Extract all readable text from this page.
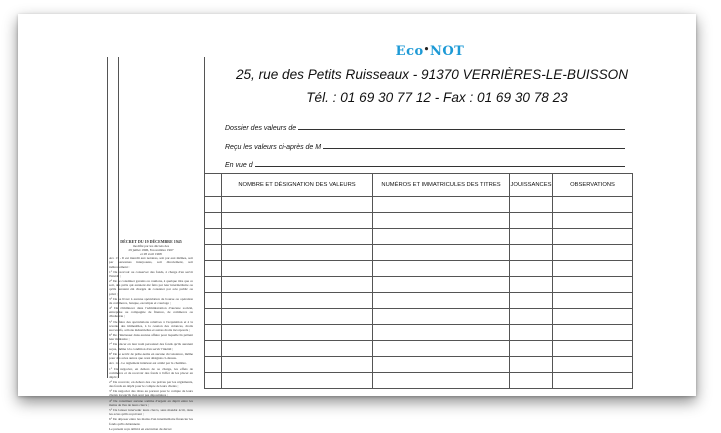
DÉCRET DU 19 DÉCEMBRE 1945
modifié par les décrets des
29 juillet 1996, 8 novembre 1967
et 28 avril 1968

Art. 13 - Il est interdit aux notaires, soit par eux mêmes, soit par personnes interposées, soit directement, soit indirectement :

1° De recevoir ou conserver des fonds, à charge d'en servir l'intérêt ;

2° De se constituer garants ou cautions, à quelque titre que ce soit, des prêts qui auraient été faits par leur intermédiaire ou qu'ils auraient été chargés de constater par acte public ou privé ;

3° De se livrer à aucune spéculation de bourse ou opération de commerce, banque, escompte et courtage ;

4° De s'immiscer dans l'administration d'aucune société, entreprise ou compagnie de finance, de commerce ou d'industrie ;

5° De faire des spéculations relatives à l'acquisition et à la revente des immeubles, à la cession des créances, droits successifs, actions industrielles et autres droits incorporels ;

6° De s'intéresser dans aucune affaire pour laquelle ils prêtent leur ministère ;

7° De placer en leur nom personnel des fonds qu'ils auraient reçus, même à la condition d'en servir l'intérêt ;

8° De se servir de prête-noms en aucune circonstance, même pour des actes autres que ceux désignés ci-dessus.

Art. 14 - Le règlement intérieur est arrêté par la chambre.

1° De négocier, en dehors de sa charge, les effets de commerce et de recevoir des fonds à l'effet de les placer en dépôt ;

2° De recevoir, en dehors des cas prévus par les règlements, des fonds en dépôt pour le compte de leurs clients ;

3° De négocier des titres au porteur pour le compte de leurs clients lorsqu'ils n'en sont pas dépositaires ;

4° De constituer aucune somme d'argent en dépôt entre les mains de l'un de leurs clercs ;

5° De laisser intervenir leurs clercs, sans mandat écrit, dans les actes qu'ils reçoivent ;

6° De déposer entre les mains d'un intermédiaire financier les fonds qu'ils détiennent.

Le présent reçu délivré en exécution du décret

Eco•NOT
25, rue des Petits Ruisseaux - 91370 VERRIÈRES-LE-BUISSON
Tél. : 01 69 30 77 12 - Fax : 01 69 30 78 23
Dossier des valeurs de
Reçu les valeurs ci-après de M
En vue d
	NOMBRE ET DÉSIGNATION DES VALEURS	NUMÉROS ET IMMATRICULES DES TITRES	JOUISSANCES	OBSERVATIONS
